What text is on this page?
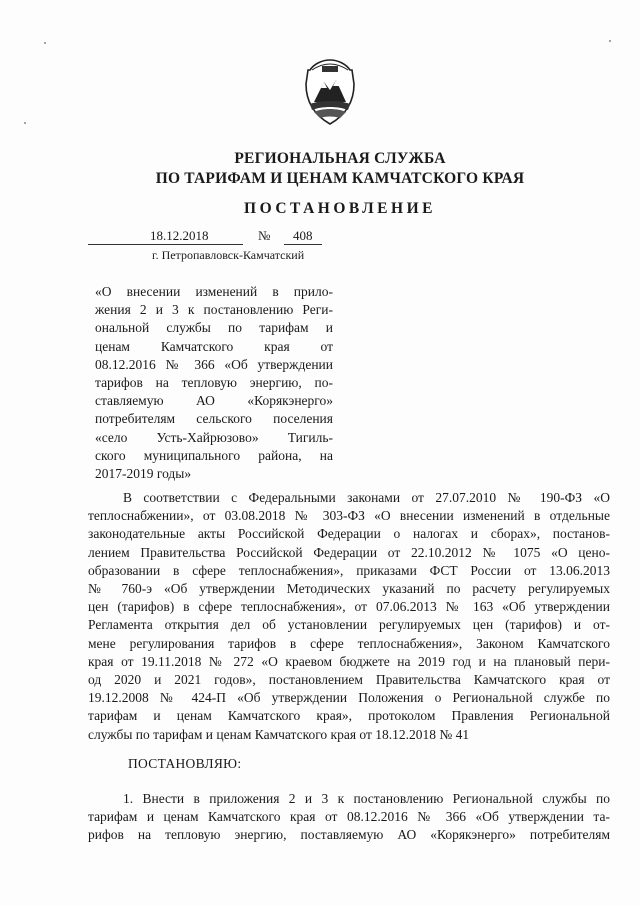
РЕГИОНАЛЬНАЯ СЛУЖБА
ПО ТАРИФАМ И ЦЕНАМ КАМЧАТСКОГО КРАЯ
ПОСТАНОВЛЕНИЕ
18.12.2018	№ 408
г. Петропавловск-Камчатский
«О внесении изменений в прило-
жения 2 и 3 к постановлению Реги-
ональной службы по тарифам и
ценам Камчатского края от
08.12.2016 № 366 «Об утверждении
тарифов на тепловую энергию, по-
ставляемую АО «Корякэнерго»
потребителям сельского поселения
«село Усть-Хайрюзово» Тигиль-
ского муниципального района, на
2017-2019 годы»
В соответствии с Федеральными законами от 27.07.2010 № 190-ФЗ «О
теплоснабжении», от 03.08.2018 № 303-ФЗ «О внесении изменений в отдельные
законодательные акты Российской Федерации о налогах и сборах», постанов-
лением Правительства Российской Федерации от 22.10.2012 № 1075 «О цено-
образовании в сфере теплоснабжения», приказами ФСТ России от 13.06.2013
№ 760-э «Об утверждении Методических указаний по расчету регулируемых
цен (тарифов) в сфере теплоснабжения», от 07.06.2013 № 163 «Об утверждении
Регламента открытия дел об установлении регулируемых цен (тарифов) и от-
мене регулирования тарифов в сфере теплоснабжения», Законом Камчатского
края от 19.11.2018 № 272 «О краевом бюджете на 2019 год и на плановый пери-
од 2020 и 2021 годов», постановлением Правительства Камчатского края от
19.12.2008 № 424-П «Об утверждении Положения о Региональной службе по
тарифам и ценам Камчатского края», протоколом Правления Региональной
службы по тарифам и ценам Камчатского края от 18.12.2018 № 41
ПОСТАНОВЛЯЮ:
1. Внести в приложения 2 и 3 к постановлению Региональной службы по
тарифам и ценам Камчатского края от 08.12.2016 № 366 «Об утверждении та-
рифов на тепловую энергию, поставляемую АО «Корякэнерго» потребителям
